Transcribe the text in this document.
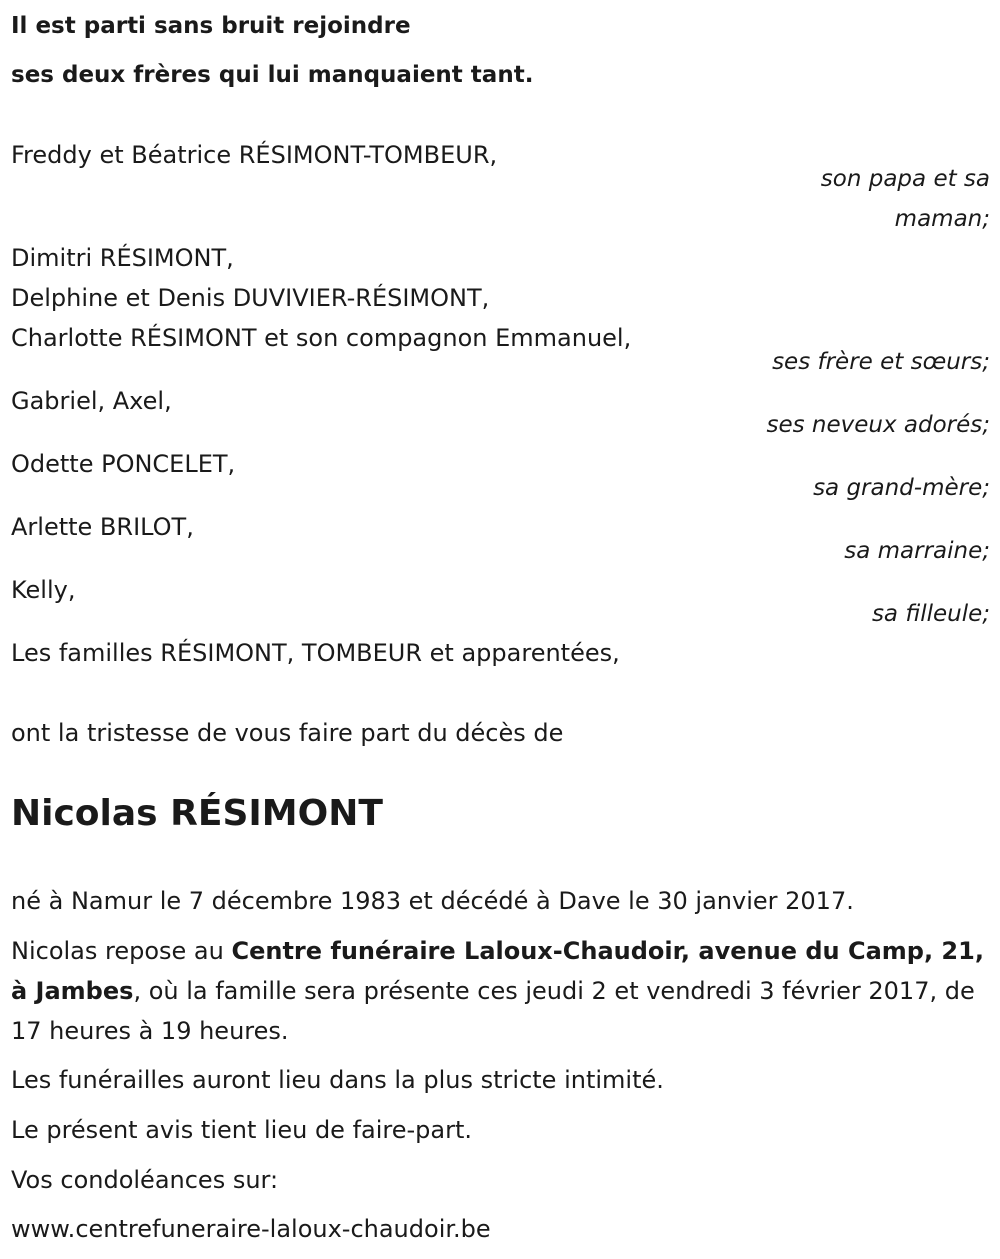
Il est parti sans bruit rejoindre
ses deux frères qui lui manquaient tant.
Freddy et Béatrice RÉSIMONT-TOMBEUR,
son papa et sa
maman;
Dimitri RÉSIMONT,
Delphine et Denis DUVIVIER-RÉSIMONT,
Charlotte RÉSIMONT et son compagnon Emmanuel,
ses frère et sœurs;
Gabriel, Axel,
ses neveux adorés;
Odette PONCELET,
sa grand-mère;
Arlette BRILOT,
sa marraine;
Kelly,
sa filleule;
Les familles RÉSIMONT, TOMBEUR et apparentées,
ont la tristesse de vous faire part du décès de
Nicolas RÉSIMONT
né à Namur le 7 décembre 1983 et décédé à Dave le 30 janvier 2017.
Nicolas repose au Centre funéraire Laloux-Chaudoir, avenue du Camp, 21, à Jambes, où la famille sera présente ces jeudi 2 et vendredi 3 février 2017, de 17 heures à 19 heures.
Les funérailles auront lieu dans la plus stricte intimité.
Le présent avis tient lieu de faire-part.
Vos condoléances sur:
www.centrefuneraire-laloux-chaudoir.be
